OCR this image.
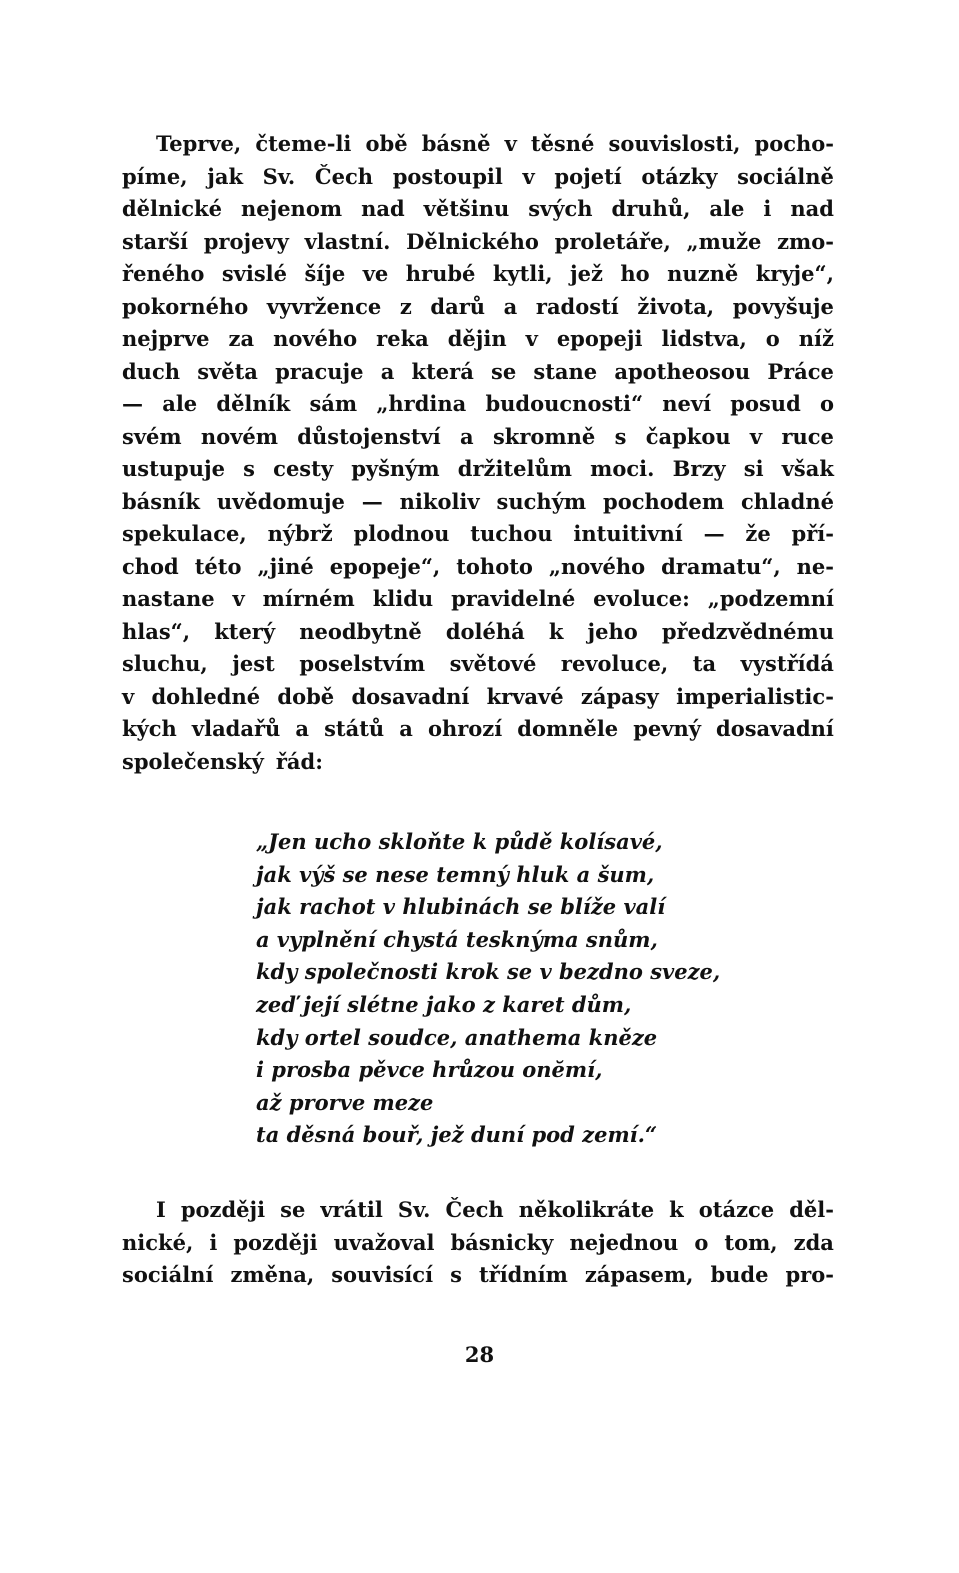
Teprve, čteme-li obě básně v těsné souvislosti, pocho-
píme, jak Sv. Čech postoupil v pojetí otázky sociálně
dělnické nejenom nad většinu svých druhů, ale i nad
starší projevy vlastní. Dělnického proletáře, „muže zmo-
řeného svislé šíje ve hrubé kytli, jež ho nuzně kryje“,
pokorného vyvržence z darů a radostí života, povyšuje
nejprve za nového reka dějin v epopeji lidstva, o níž
duch světa pracuje a která se stane apotheosou Práce
— ale dělník sám „hrdina budoucnosti“ neví posud o
svém novém důstojenství a skromně s čapkou v ruce
ustupuje s cesty pyšným držitelům moci. Brzy si však
básník uvědomuje — nikoliv suchým pochodem chladné
spekulace, nýbrž plodnou tuchou intuitivní — že pří-
chod této „jiné epopeje“, tohoto „nového dramatu“, ne-
nastane v mírném klidu pravidelné evoluce: „podzemní
hlas“, který neodbytně doléhá k jeho předzvědnému
sluchu, jest poselstvím světové revoluce, ta vystřídá
v dohledné době dosavadní krvavé zápasy imperialistic-
kých vladařů a států a ohrozí domněle pevný dosavadní
společenský řád:
„Jen ucho skloňte k půdě kolísavé,
jak výš se nese temný hluk a šum,
jak rachot v hlubinách se blíže valí
a vyplnění chystá tesknýma snům,
kdy společnosti krok se v bezdno sveze,
zeď její slétne jako z karet dům,
kdy ortel soudce, anathema kněze
i prosba pěvce hrůzou onĕmí,
až prorve meze
ta děsná bouř, jež duní pod zemí.“
I později se vrátil Sv. Čech několikráte k otázce děl-
nické, i později uvažoval básnicky nejednou o tom, zda
sociální změna, souvisící s třídním zápasem, bude pro-
28
